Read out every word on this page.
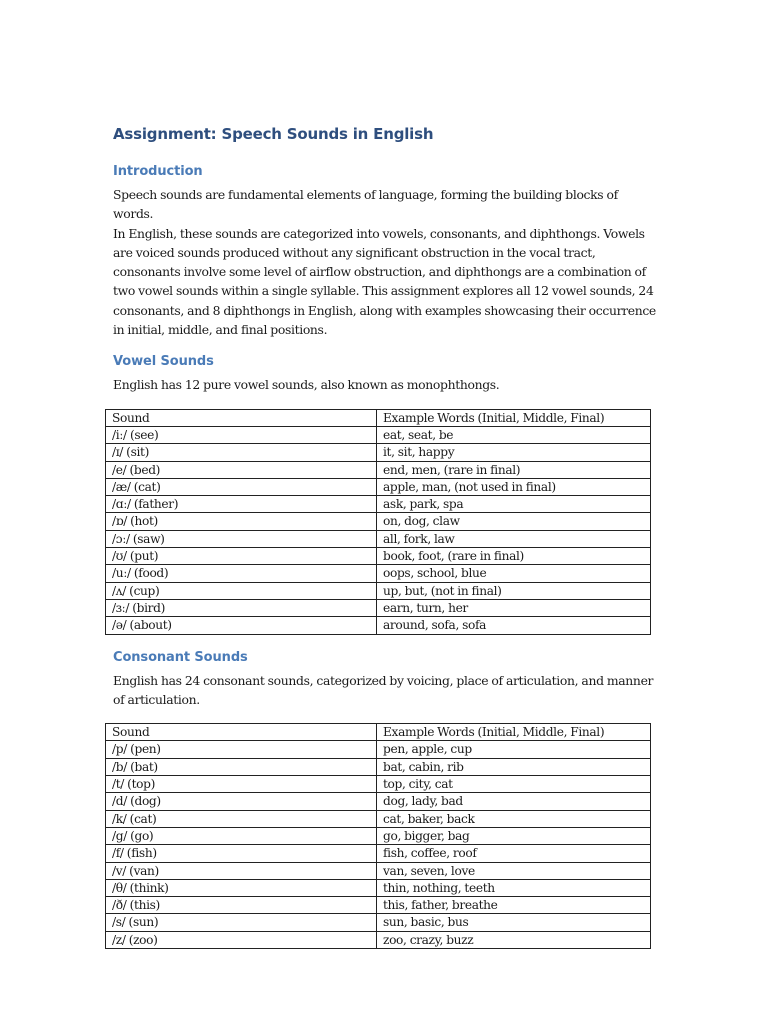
Assignment: Speech Sounds in English
Introduction

Speech sounds are fundamental elements of language, forming the building blocks of words.

In English, these sounds are categorized into vowels, consonants, and diphthongs. Vowels

are voiced sounds produced without any significant obstruction in the vocal tract,

consonants involve some level of airflow obstruction, and diphthongs are a combination of

two vowel sounds within a single syllable. This assignment explores all 12 vowel sounds, 24

consonants, and 8 diphthongs in English, along with examples showcasing their occurrence

in initial, middle, and final positions.

Vowel Sounds

English has 12 pure vowel sounds, also known as monophthongs.

Sound	Example Words (Initial, Middle, Final)
/iː/ (see)	eat, seat, be
/ɪ/ (sit)	it, sit, happy
/e/ (bed)	end, men, (rare in final)
/æ/ (cat)	apple, man, (not used in final)
/ɑː/ (father)	ask, park, spa
/ɒ/ (hot)	on, dog, claw
/ɔː/ (saw)	all, fork, law
/ʊ/ (put)	book, foot, (rare in final)
/uː/ (food)	oops, school, blue
/ʌ/ (cup)	up, but, (not in final)
/ɜː/ (bird)	earn, turn, her
/ə/ (about)	around, sofa, sofa
Consonant Sounds

English has 24 consonant sounds, categorized by voicing, place of articulation, and manner

of articulation.

Sound	Example Words (Initial, Middle, Final)
/p/ (pen)	pen, apple, cup
/b/ (bat)	bat, cabin, rib
/t/ (top)	top, city, cat
/d/ (dog)	dog, lady, bad
/k/ (cat)	cat, baker, back
/g/ (go)	go, bigger, bag
/f/ (fish)	fish, coffee, roof
/v/ (van)	van, seven, love
/θ/ (think)	thin, nothing, teeth
/ð/ (this)	this, father, breathe
/s/ (sun)	sun, basic, bus
/z/ (zoo)	zoo, crazy, buzz
